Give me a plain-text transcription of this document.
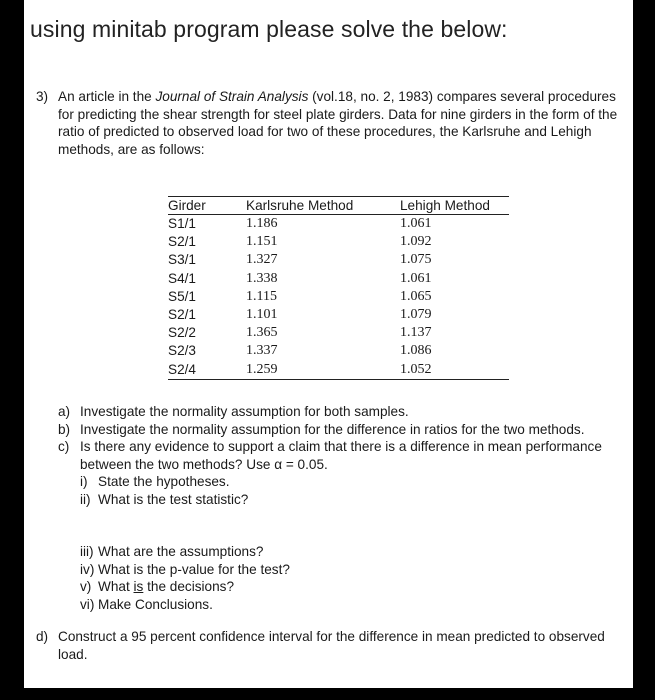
using minitab program please solve the below:
3) An article in the Journal of Strain Analysis (vol.18, no. 2, 1983) compares several procedures for predicting the shear strength for steel plate girders. Data for nine girders in the form of the ratio of predicted to observed load for two of these procedures, the Karlsruhe and Lehigh methods, are as follows:
Girder	Karlsruhe Method	Lehigh Method
S1/1	1.186	1.061
S2/1	1.151	1.092
S3/1	1.327	1.075
S4/1	1.338	1.061
S5/1	1.115	1.065
S2/1	1.101	1.079
S2/2	1.365	1.137
S2/3	1.337	1.086
S2/4	1.259	1.052
a) Investigate the normality assumption for both samples.
b) Investigate the normality assumption for the difference in ratios for the two methods.
c) Is there any evidence to support a claim that there is a difference in mean performance between the two methods? Use α = 0.05.
i) State the hypotheses.
ii) What is the test statistic?
iii) What are the assumptions?
iv) What is the p-value for the test?
v) What is the decisions?
vi) Make Conclusions.
d) Construct a 95 percent confidence interval for the difference in mean predicted to observed load.
